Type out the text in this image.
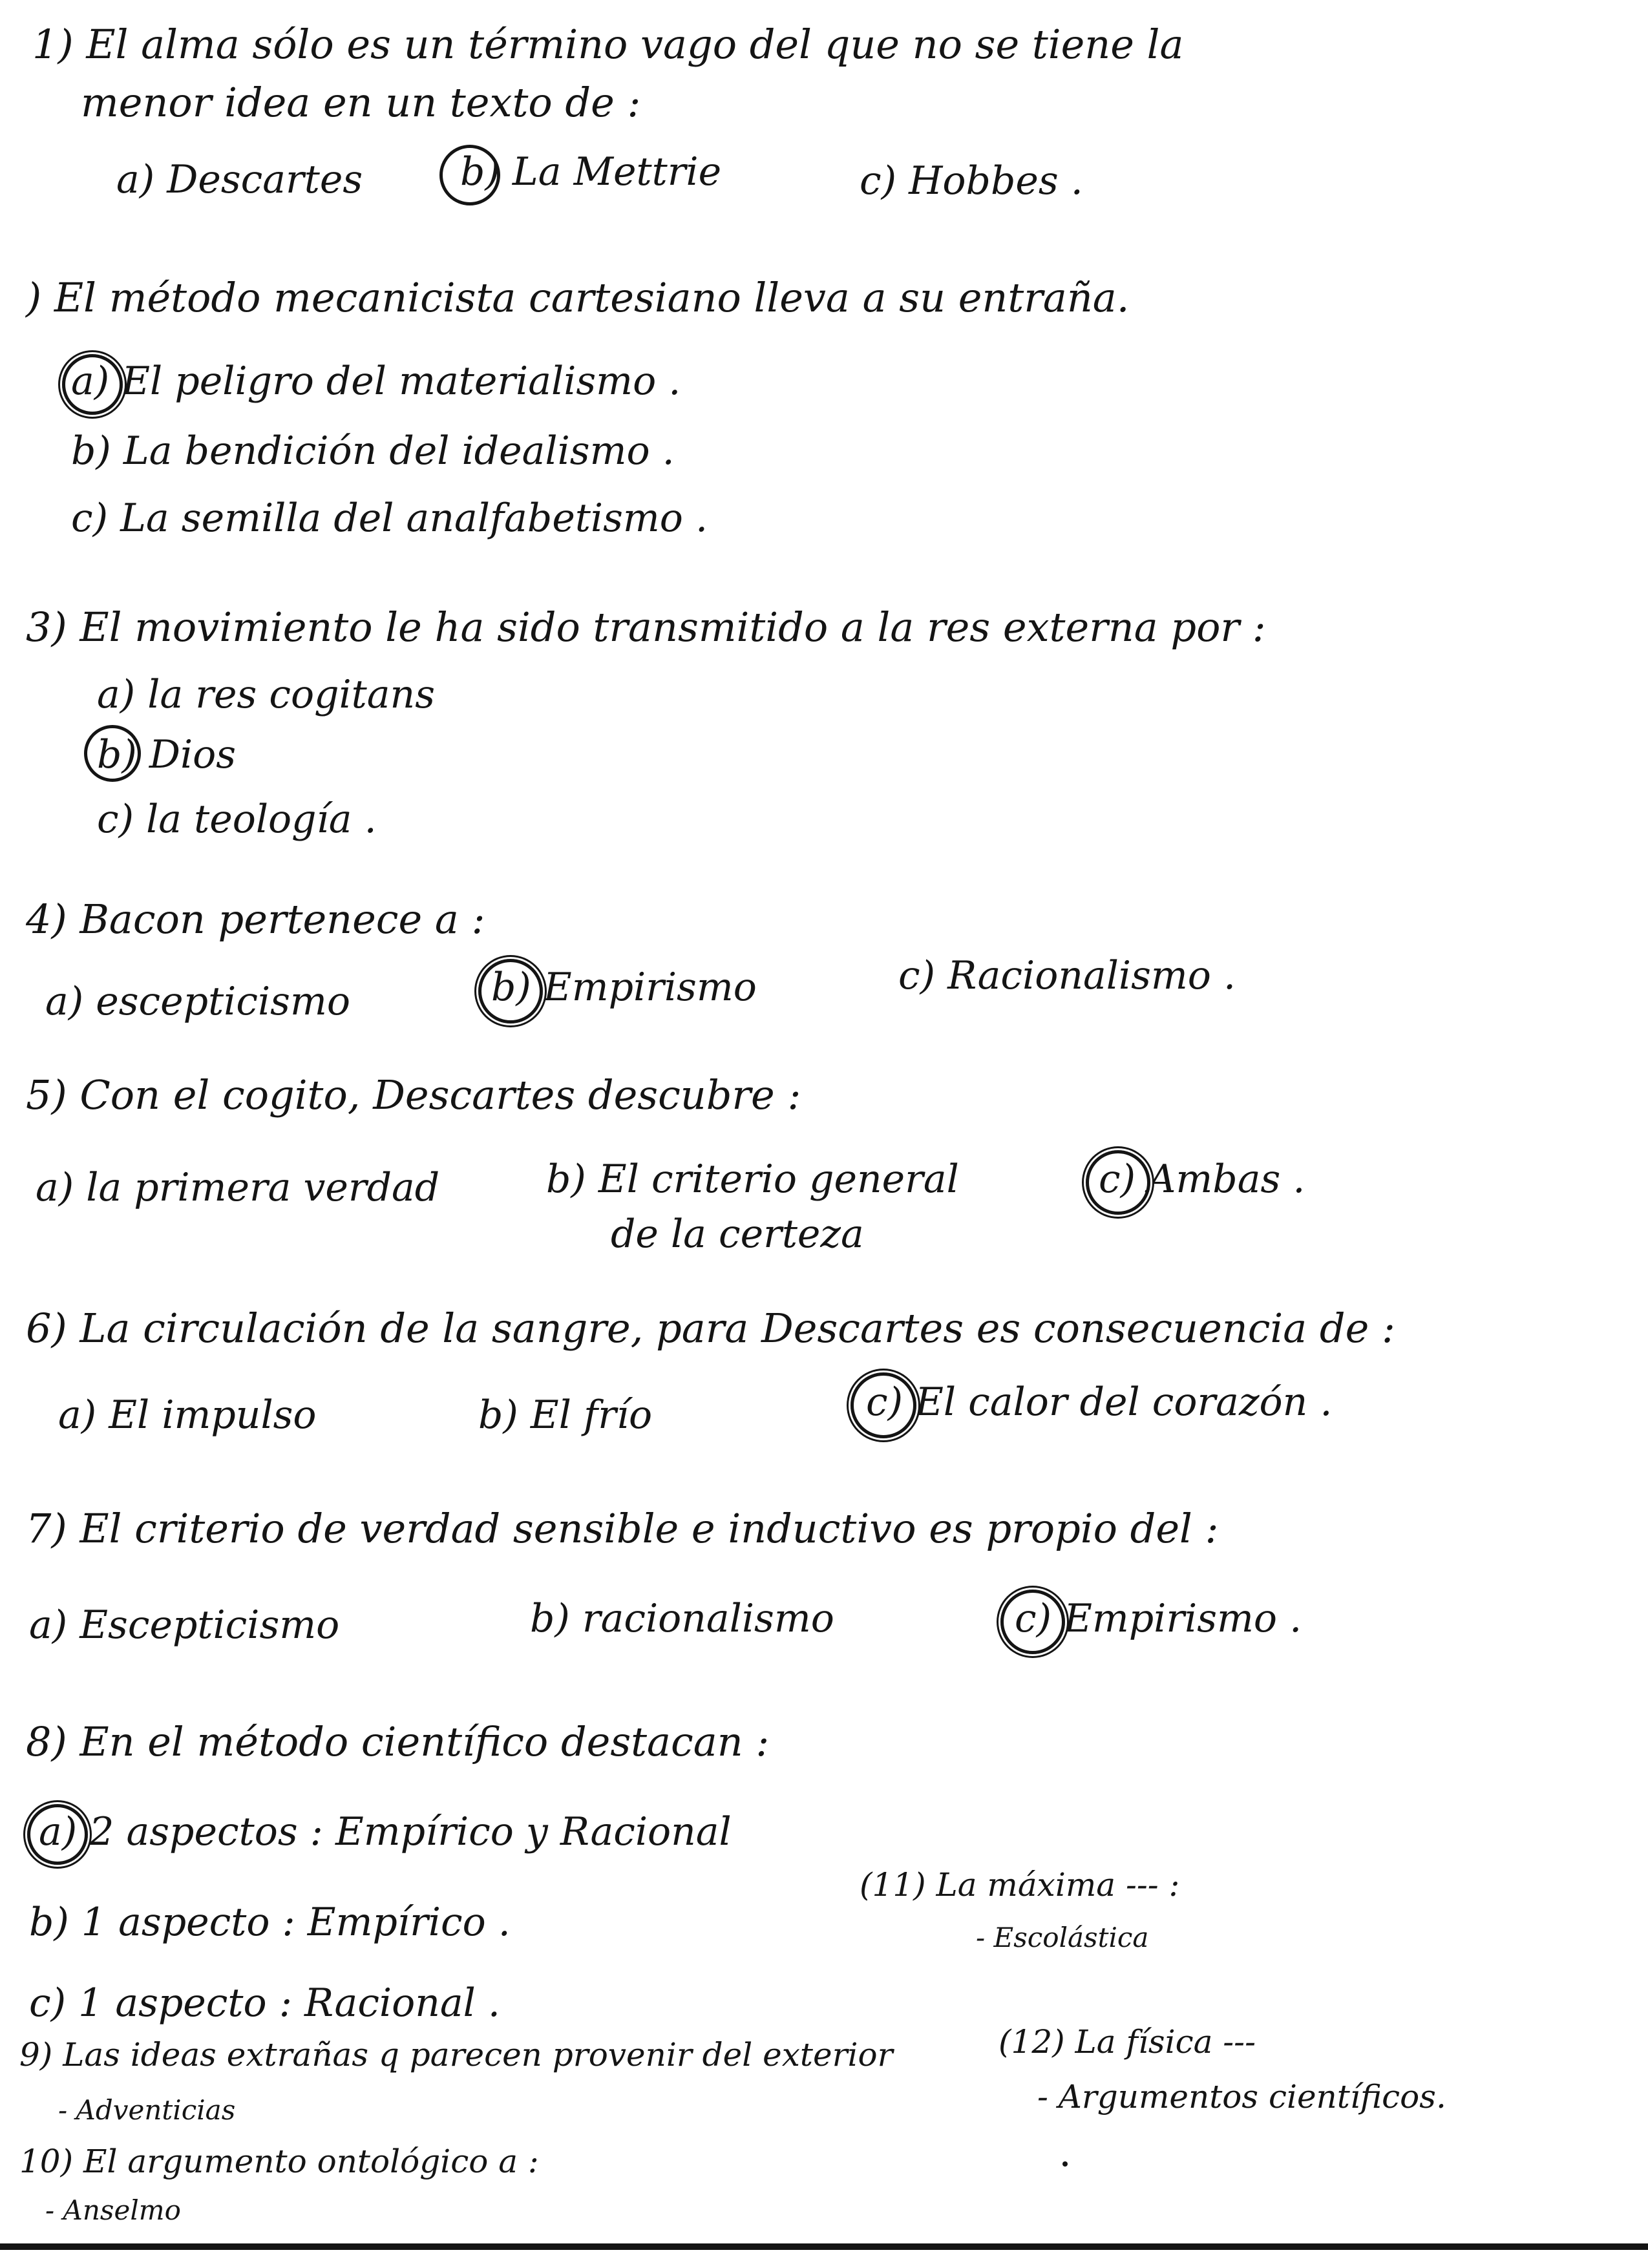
1) El alma sólo es un término vago del que no se tiene la
menor idea en un texto de :
a) Descartes	b) La Mettrie	c) Hobbes .
) El método mecanicista cartesiano lleva a su entraña.
a) El peligro del materialismo .
b) La bendición del idealismo .
c) La semilla del analfabetismo .
3) El movimiento le ha sido transmitido a la res externa por :
a) la res cogitans
b) Dios
c) la teología .
4) Bacon pertenece a :
a) escepticismo	b) Empirismo	c) Racionalismo .
5) Con el cogito, Descartes descubre :
a) la primera verdad	b) El criterio general
de la certeza
c) Ambas .
6) La circulación de la sangre, para Descartes es consecuencia de :
a) El impulso	b) El frío	c) El calor del corazón .
7) El criterio de verdad sensible e inductivo es propio del :
a) Escepticismo	b) racionalismo	c) Empirismo .
8) En el método científico destacan :
a) 2 aspectos : Empírico y Racional
b) 1 aspecto : Empírico .
c) 1 aspecto : Racional .
(11) La máxima --- :
- Escolástica
(12) La física ---
- Argumentos científicos.
9) Las ideas extrañas q parecen provenir del exterior
- Adventicias
10) El argumento ontológico a :
- Anselmo
